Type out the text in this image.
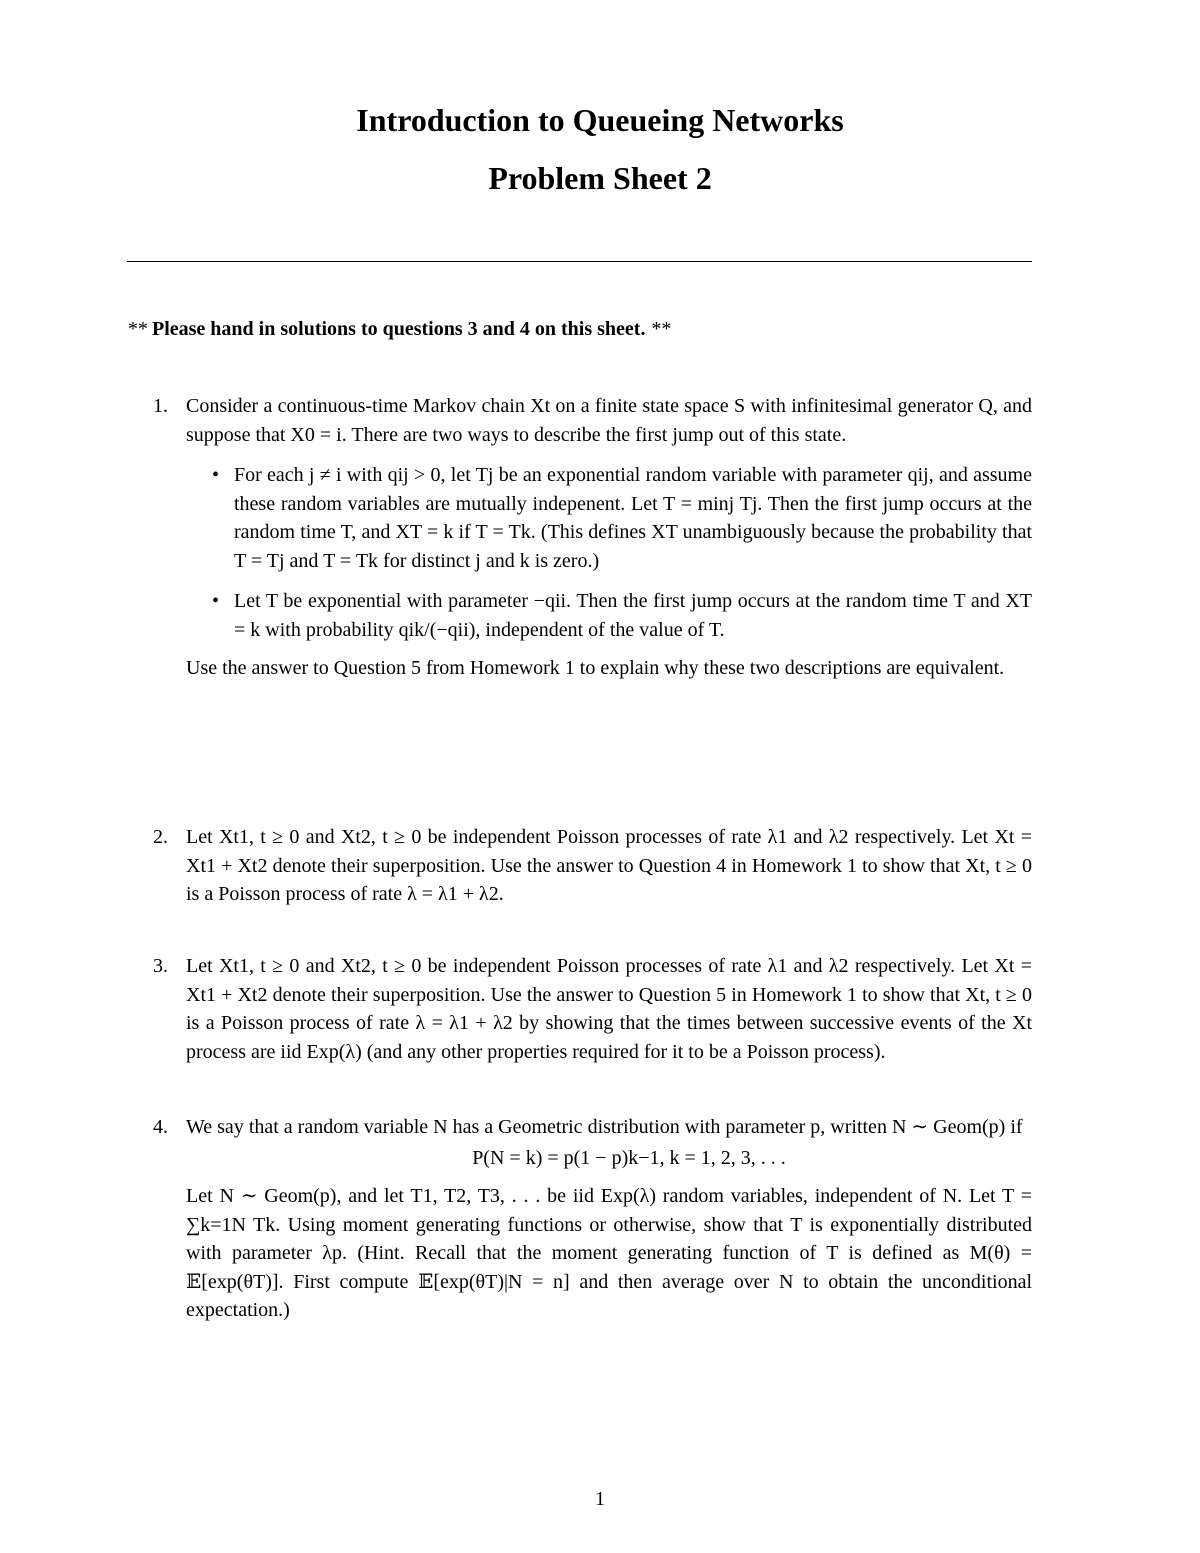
Introduction to Queueing Networks
Problem Sheet 2
** Please hand in solutions to questions 3 and 4 on this sheet. **
1. Consider a continuous-time Markov chain Xt on a finite state space S with infinitesimal generator Q, and suppose that X0 = i. There are two ways to describe the first jump out of this state.

• For each j ≠ i with qij > 0, let Tj be an exponential random variable with parameter qij, and assume these random variables are mutually indepenent. Let T = minj Tj. Then the first jump occurs at the random time T, and XT = k if T = Tk. (This defines XT unambiguously because the probability that T = Tj and T = Tk for distinct j and k is zero.)
• Let T be exponential with parameter −qii. Then the first jump occurs at the random time T and XT = k with probability qik/(−qii), independent of the value of T.

Use the answer to Question 5 from Homework 1 to explain why these two descriptions are equivalent.

2. Let Xt1, t ≥ 0 and Xt2, t ≥ 0 be independent Poisson processes of rate λ1 and λ2 respectively. Let Xt = Xt1 + Xt2 denote their superposition. Use the answer to Question 4 in Homework 1 to show that Xt, t ≥ 0 is a Poisson process of rate λ = λ1 + λ2.

3. Let Xt1, t ≥ 0 and Xt2, t ≥ 0 be independent Poisson processes of rate λ1 and λ2 respectively. Let Xt = Xt1 + Xt2 denote their superposition. Use the answer to Question 5 in Homework 1 to show that Xt, t ≥ 0 is a Poisson process of rate λ = λ1 + λ2 by showing that the times between successive events of the Xt process are iid Exp(λ) (and any other properties required for it to be a Poisson process).

4. We say that a random variable N has a Geometric distribution with parameter p, written N ∼ Geom(p) if

P(N = k) = p(1 − p)k−1, k = 1, 2, 3, . . .

Let N ∼ Geom(p), and let T1, T2, T3, . . . be iid Exp(λ) random variables, independent of N. Let T = ∑k=1N Tk. Using moment generating functions or otherwise, show that T is exponentially distributed with parameter λp. (Hint. Recall that the moment generating function of T is defined as M(θ) = 𝔼[exp(θT)]. First compute 𝔼[exp(θT)|N = n] and then average over N to obtain the unconditional expectation.)

1
